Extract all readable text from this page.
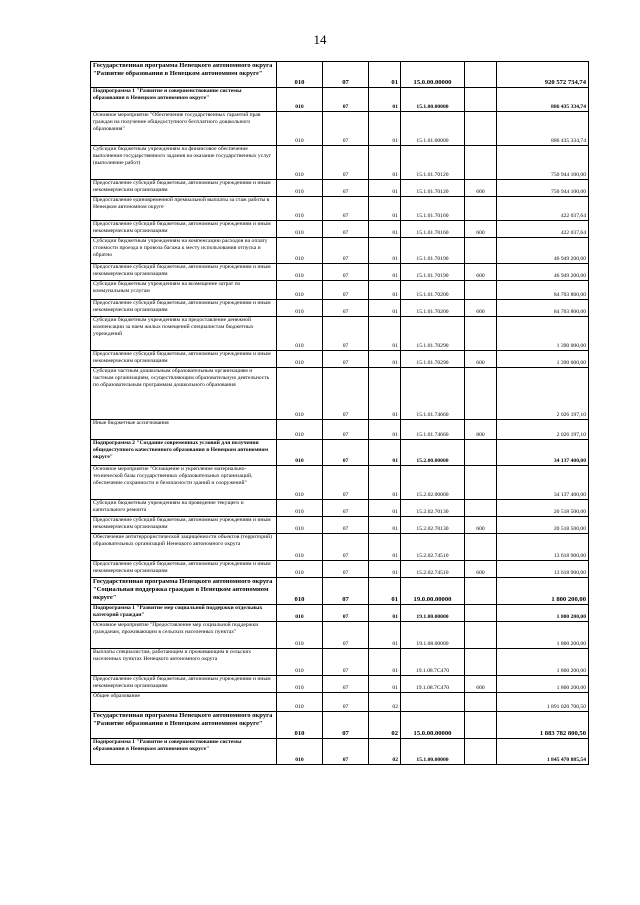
14
Государственная программа Ненецкого автономного округа "Развитие образования в Ненецком автономном округе"	010	07	01	15.0.00.00000		920 572 734,74
Подпрограмма 1 "Развитие и совершенствование системы образования в Ненецком автономном округе"	010	07	01	15.1.00.00000		886 435 334,74
Основное мероприятие "Обеспечение государственных гарантий прав граждан на получение общедоступного бесплатного дошкольного образования"	010	07	01	15.1.01.00000		886 435 334,74
Субсидии бюджетным учреждениям на финансовое обеспечение выполнения государственного задания на оказание государственных услуг (выполнение работ)	010	07	01	15.1.01.70120		750 944 100,00
Предоставление субсидий бюджетным, автономным учреждениям и иным некоммерческим организациям	010	07	01	15.1.01.70120	600	750 944 100,00
Предоставление единовременной премиальной выплаты за стаж работы в Ненецком автономном округе	010	07	01	15.1.01.70160		422 037,64
Предоставление субсидий бюджетным, автономным учреждениям и иным некоммерческим организациям	010	07	01	15.1.01.70160	600	422 037,64
Субсидии бюджетным учреждениям на компенсацию расходов на оплату стоимости проезда и провоза багажа к месту использования отпуска и обратно	010	07	01	15.1.01.70190		46 949 200,00
Предоставление субсидий бюджетным, автономным учреждениям и иным некоммерческим организациям	010	07	01	15.1.01.70190	600	46 949 200,00
Субсидии бюджетным учреждениям на возмещение затрат по коммунальным услугам	010	07	01	15.1.01.70200		84 703 800,00
Предоставление субсидий бюджетным, автономным учреждениям и иным некоммерческим организациям	010	07	01	15.1.01.70200	600	84 703 800,00
Субсидии бюджетным учреждениям на предоставление денежной компенсации за наем жилых помещений специалистам бюджетных учреждений	010	07	01	15.1.01.70290		1 390 000,00
Предоставление субсидий бюджетным, автономным учреждениям и иным некоммерческим организациям	010	07	01	15.1.01.70290	600	1 390 000,00
Субсидии частным дошкольным образовательным организациям и частным организациям, осуществляющим образовательную деятельность по образовательным программам дошкольного образования	010	07	01	15.1.01.74660		2 026 197,10
Иные бюджетные ассигнования	010	07	01	15.1.01.74660	800	2 026 197,10
Подпрограмма 2 "Создание современных условий для получения общедоступного качественного образования в Ненецком автономном округе"	010	07	01	15.2.00.00000		34 137 400,00
Основное мероприятие "Оснащение и укрепление материально-технической базы государственных образовательных организаций, обеспечение сохранности и безопасности зданий и сооружений"	010	07	01	15.2.02.00000		34 137 400,00
Субсидии бюджетным учреждениям на проведение текущего и капитального ремонта	010	07	01	15.2.02.70130		20 518 500,00
Предоставление субсидий бюджетным, автономным учреждениям и иным некоммерческим организациям	010	07	01	15.2.02.70130	600	20 518 500,00
Обеспечение антитеррористической защищённости объектов (территорий) образовательных организаций Ненецкого автономного округа	010	07	01	15.2.02.74510		13 618 900,00
Предоставление субсидий бюджетным, автономным учреждениям и иным некоммерческим организациям	010	07	01	15.2.02.74510	600	13 618 900,00
Государственная программа Ненецкого автономного округа "Социальная поддержка граждан в Ненецком автономном округе"	010	07	01	19.0.00.00000		1 800 200,00
Подпрограмма 1 "Развитие мер социальной поддержки отдельных категорий граждан"	010	07	01	19.1.00.00000		1 800 200,00
Основное мероприятие "Предоставление мер социальной поддержки гражданам, проживающим в сельских населенных пунктах"	010	07	01	19.1.08.00000		1 800 200,00
Выплаты специалистам, работающим и проживающим в сельских населенных пунктах Ненецкого автономного округа	010	07	01	19.1.08.7C470		1 800 200,00
Предоставление субсидий бюджетным, автономным учреждениям и иным некоммерческим организациям	010	07	01	19.1.08.7C470	600	1 800 200,00
Общее образование	010	07	02			1 891 020 700,50
Государственная программа Ненецкого автономного округа "Развитие образования в Ненецком автономном округе"	010	07	02	15.0.00.00000		1 883 782 800,50
Подпрограмма 1 "Развитие и совершенствование системы образования в Ненецком автономном округе"	010	07	02	15.1.00.00000		1 845 470 885,54
